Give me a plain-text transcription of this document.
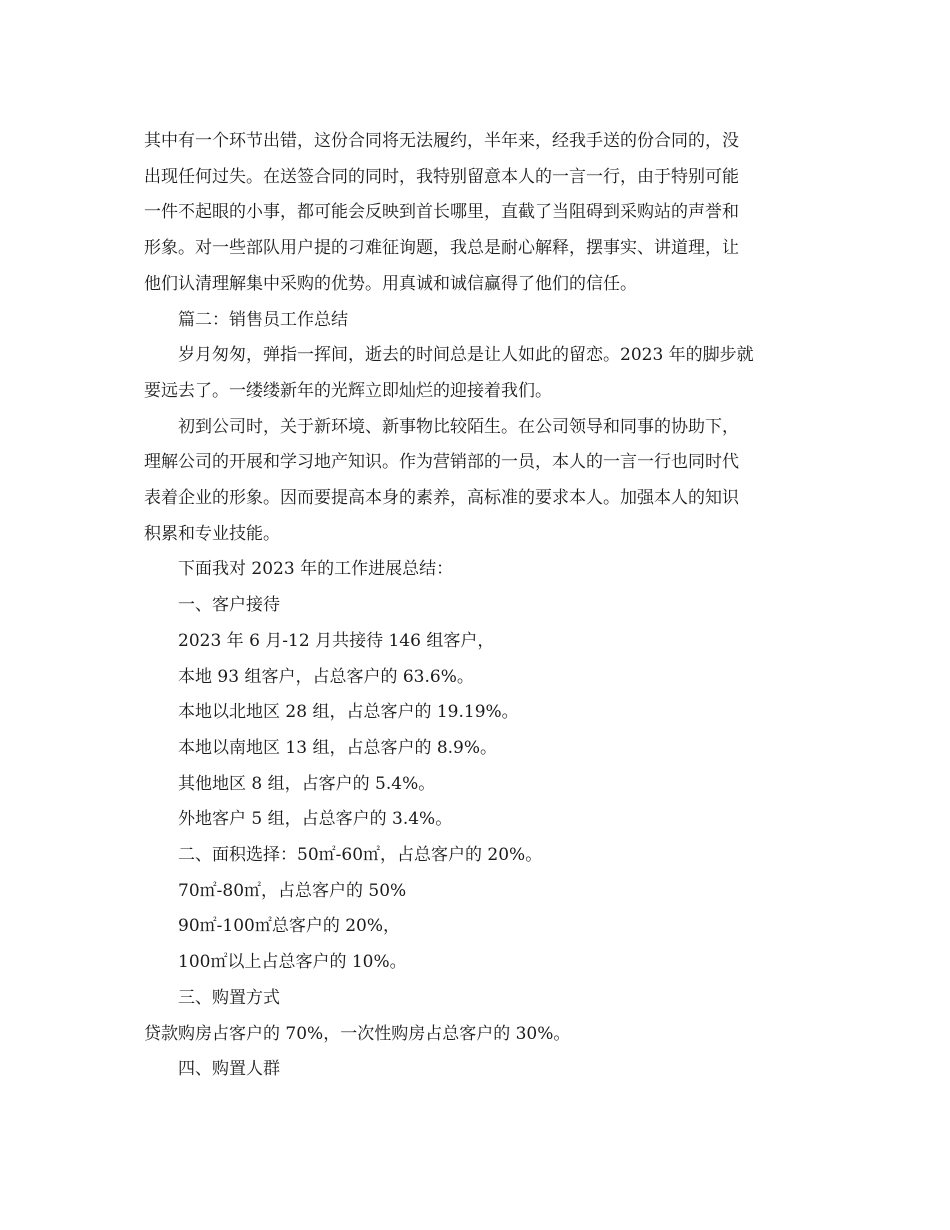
其中有一个环节出错，这份合同将无法履约，半年来，经我手送的份合同的，没
出现任何过失。在送签合同的同时，我特别留意本人的一言一行，由于特别可能
一件不起眼的小事，都可能会反映到首长哪里，直截了当阻碍到采购站的声誉和
形象。对一些部队用户提的刁难征询题，我总是耐心解释，摆事实、讲道理，让
他们认清理解集中采购的优势。用真诚和诚信赢得了他们的信任。
篇二：销售员工作总结
岁月匆匆，弹指一挥间，逝去的时间总是让人如此的留恋。2023 年的脚步就
要远去了。一缕缕新年的光辉立即灿烂的迎接着我们。
初到公司时，关于新环境、新事物比较陌生。在公司领导和同事的协助下，
理解公司的开展和学习地产知识。作为营销部的一员，本人的一言一行也同时代
表着企业的形象。因而要提高本身的素养，高标准的要求本人。加强本人的知识
积累和专业技能。
下面我对 2023 年的工作进展总结：
一、客户接待
2023 年 6 月-12 月共接待 146 组客户，
本地 93 组客户，占总客户的 63.6%。
本地以北地区 28 组，占总客户的 19.19%。
本地以南地区 13 组，占总客户的 8.9%。
其他地区 8 组，占客户的 5.4%。
外地客户 5 组，占总客户的 3.4%。
二、面积选择：50㎡-60㎡，占总客户的 20%。
70㎡-80㎡，占总客户的 50%
90㎡-100㎡总客户的 20%，
100㎡以上占总客户的 10%。
三、购置方式
贷款购房占客户的 70%，一次性购房占总客户的 30%。
四、购置人群
